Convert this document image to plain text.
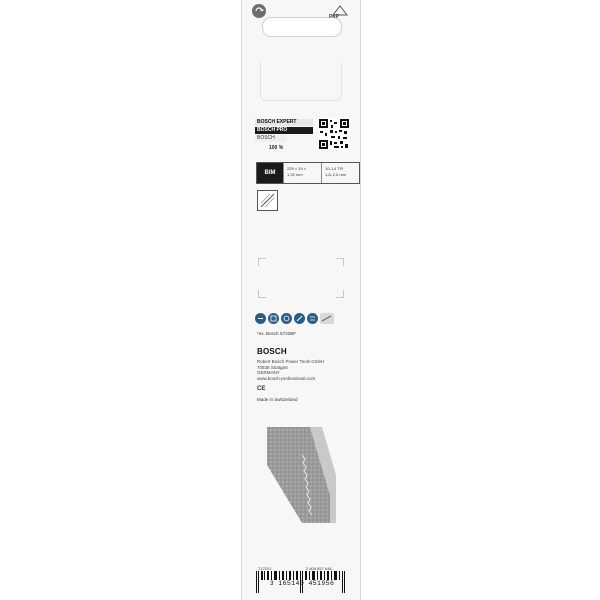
PAP
BOSCH EXPERT
BOSCH PRO
BOSCH
100 %
BIM
225 × 19 ×
1,25 mm
10–14 TPI
1,8–2,6 mm
*ex. Bosch S722BF
BOSCH
Robert Bosch Power Tools GmbH
70538 Stuttgart
GERMANY
www.bosch-professional.com
CE
Made in Switzerland
712201	2 608 657 648
3 165140 451956
